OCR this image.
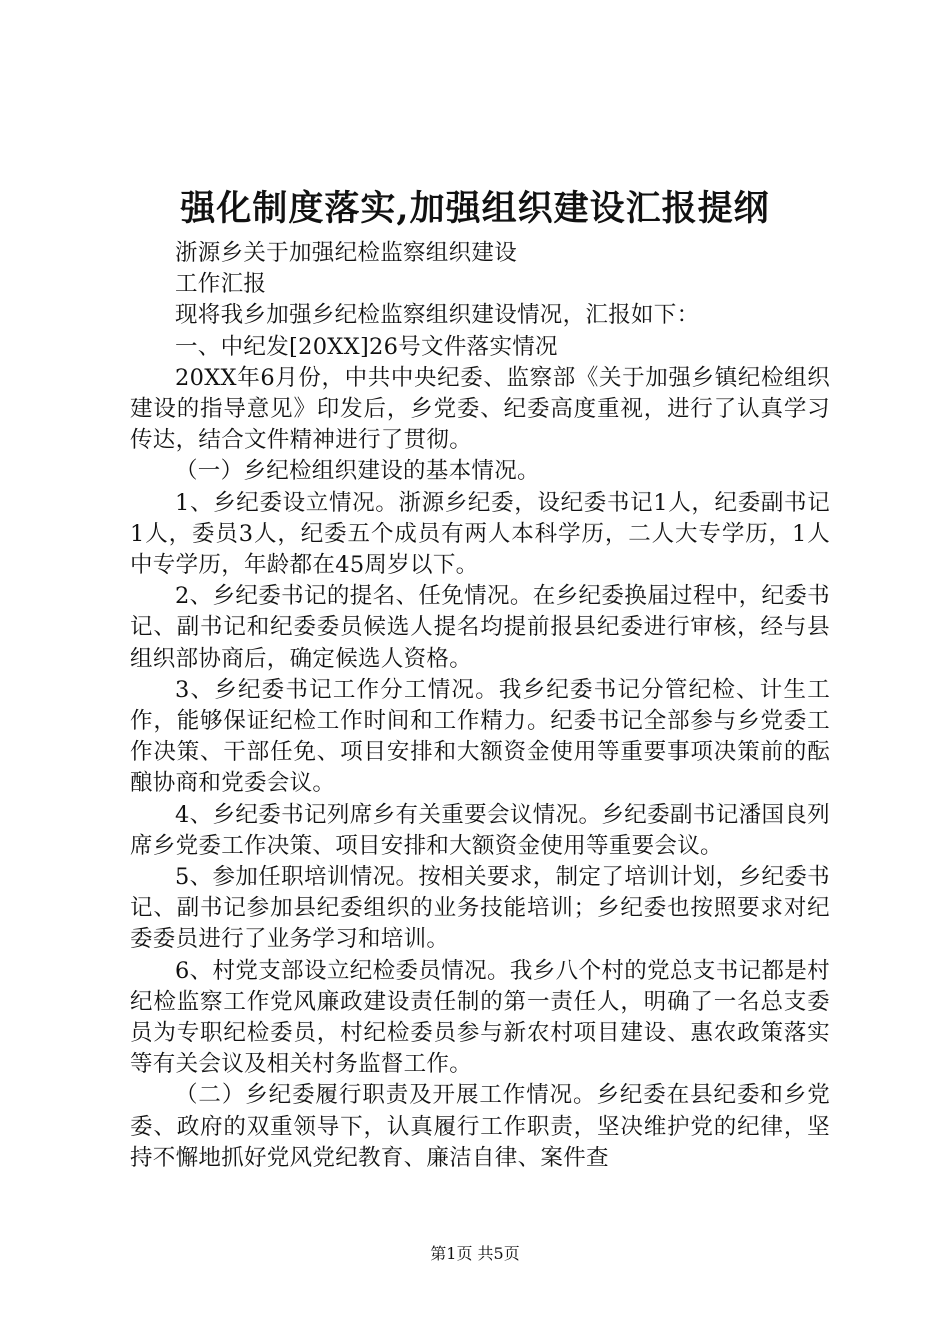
强化制度落实,加强组织建设汇报提纲

浙源乡关于加强纪检监察组织建设

工作汇报

现将我乡加强乡纪检监察组织建设情况，汇报如下：

一、中纪发[20XX]26号文件落实情况

20XX年6月份，中共中央纪委、监察部《关于加强乡镇纪检组织建设的指导意见》印发后，乡党委、纪委高度重视，进行了认真学习传达，结合文件精神进行了贯彻。

（一）乡纪检组织建设的基本情况。

1、乡纪委设立情况。浙源乡纪委，设纪委书记1人，纪委副书记1人，委员3人，纪委五个成员有两人本科学历，二人大专学历，1人中专学历，年龄都在45周岁以下。

2、乡纪委书记的提名、任免情况。在乡纪委换届过程中，纪委书记、副书记和纪委委员候选人提名均提前报县纪委进行审核，经与县组织部协商后，确定候选人资格。

3、乡纪委书记工作分工情况。我乡纪委书记分管纪检、计生工作，能够保证纪检工作时间和工作精力。纪委书记全部参与乡党委工作决策、干部任免、项目安排和大额资金使用等重要事项决策前的酝酿协商和党委会议。

4、乡纪委书记列席乡有关重要会议情况。乡纪委副书记潘国良列席乡党委工作决策、项目安排和大额资金使用等重要会议。

5、参加任职培训情况。按相关要求，制定了培训计划，乡纪委书记、副书记参加县纪委组织的业务技能培训；乡纪委也按照要求对纪委委员进行了业务学习和培训。

6、村党支部设立纪检委员情况。我乡八个村的党总支书记都是村纪检监察工作党风廉政建设责任制的第一责任人，明确了一名总支委员为专职纪检委员，村纪检委员参与新农村项目建设、惠农政策落实等有关会议及相关村务监督工作。

（二）乡纪委履行职责及开展工作情况。乡纪委在县纪委和乡党委、政府的双重领导下，认真履行工作职责，坚决维护党的纪律，坚持不懈地抓好党风党纪教育、廉洁自律、案件查

第1页 共5页
